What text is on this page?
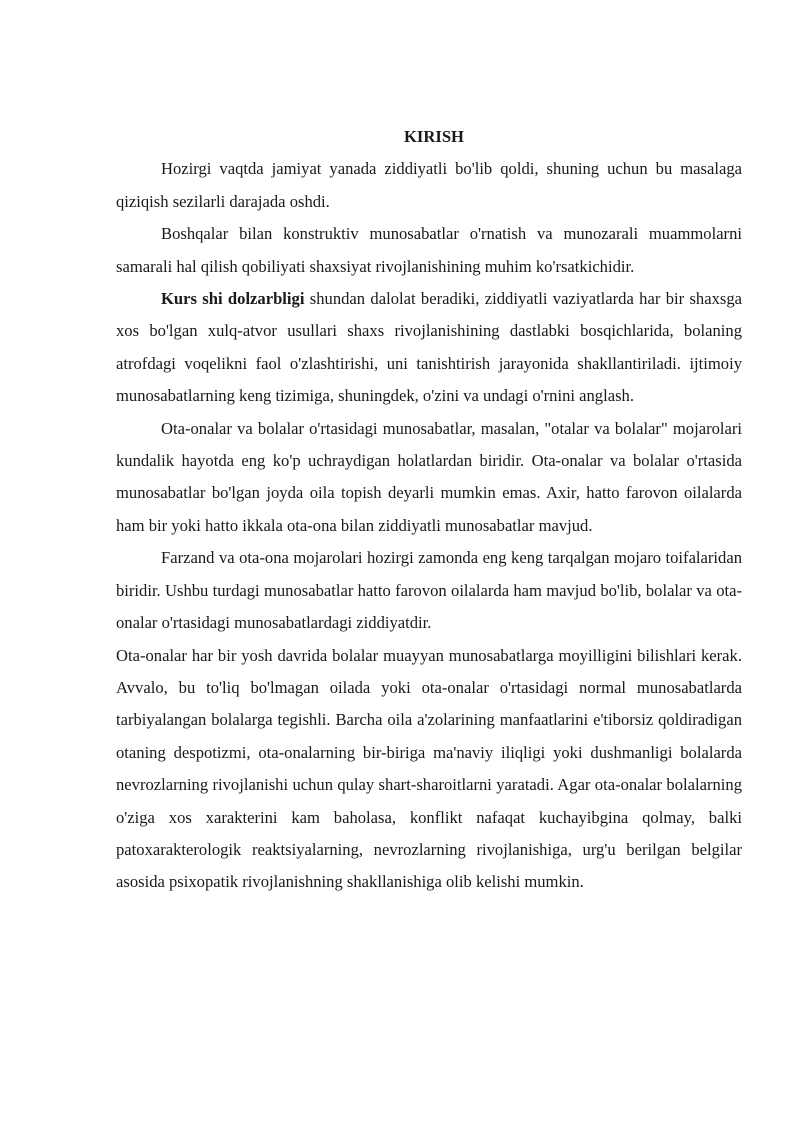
KIRISH

Hozirgi vaqtda jamiyat yanada ziddiyatli bo'lib qoldi, shuning uchun bu masalaga qiziqish sezilarli darajada oshdi.

Boshqalar bilan konstruktiv munosabatlar o'rnatish va munozarali muammolarni samarali hal qilish qobiliyati shaxsiyat rivojlanishining muhim ko'rsatkichidir.

Kurs shi dolzarbligi shundan dalolat beradiki, ziddiyatli vaziyatlarda har bir shaxsga xos bo'lgan xulq-atvor usullari shaxs rivojlanishining dastlabki bosqichlarida, bolaning atrofdagi voqelikni faol o'zlashtirishi, uni tanishtirish jarayonida shakllantiriladi. ijtimoiy munosabatlarning keng tizimiga, shuningdek, o'zini va undagi o'rnini anglash.

Ota-onalar va bolalar o'rtasidagi munosabatlar, masalan, "otalar va bolalar" mojarolari kundalik hayotda eng ko'p uchraydigan holatlardan biridir. Ota-onalar va bolalar o'rtasida munosabatlar bo'lgan joyda oila topish deyarli mumkin emas. Axir, hatto farovon oilalarda ham bir yoki hatto ikkala ota-ona bilan ziddiyatli munosabatlar mavjud.

Farzand va ota-ona mojarolari hozirgi zamonda eng keng tarqalgan mojaro toifalaridan biridir. Ushbu turdagi munosabatlar hatto farovon oilalarda ham mavjud bo'lib, bolalar va ota-onalar o'rtasidagi munosabatlardagi ziddiyatdir.

Ota-onalar har bir yosh davrida bolalar muayyan munosabatlarga moyilligini bilishlari kerak. Avvalo, bu to'liq bo'lmagan oilada yoki ota-onalar o'rtasidagi normal munosabatlarda tarbiyalangan bolalarga tegishli. Barcha oila a'zolarining manfaatlarini e'tiborsiz qoldiradigan otaning despotizmi, ota-onalarning bir-biriga ma'naviy iliqligi yoki dushmanligi bolalarda nevrozlarning rivojlanishi uchun qulay shart-sharoitlarni yaratadi. Agar ota-onalar bolalarning o'ziga xos xarakterini kam baholasa, konflikt nafaqat kuchayibgina qolmay, balki patoxarakterologik reaktsiyalarning, nevrozlarning rivojlanishiga, urg'u berilgan belgilar asosida psixopatik rivojlanishning shakllanishiga olib kelishi mumkin.
